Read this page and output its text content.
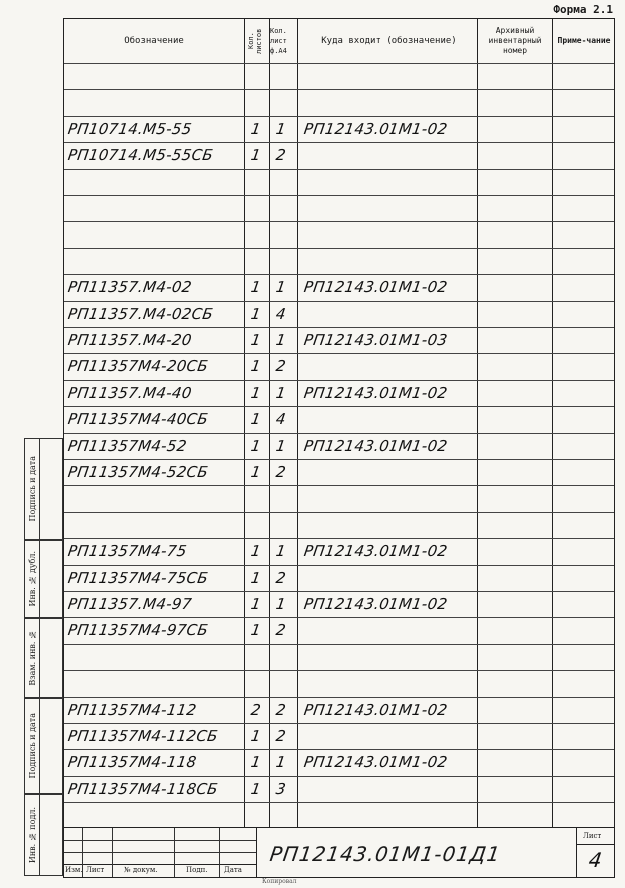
Форма 2.1
Обозначение	Кол. листов	Кол. лист ф.А4
Куда входит (обозначение)
Архивный инвентарный номер
Приме-чание
РП10714.М5-55	1 1 РП12143.01М1-02
РП10714.М5-55СБ 1 2
РП11357.М4-02	1 1 РП12143.01М1-02
РП11357.М4-02СБ 1 4
РП11357.М4-20	1 1 РП12143.01М1-03
РП11357М4-20СБ	1 2
РП11357.М4-40	1 1 РП12143.01М1-02
РП11357М4-40СБ	1 4
РП11357М4-52	1 1 РП12143.01М1-02
РП11357М4-52СБ	1 2
РП11357М4-75	1 1 РП12143.01М1-02
РП11357М4-75СБ	1 2
РП11357.М4-97	1 1 РП12143.01М1-02
РП11357М4-97СБ	1 2
РП11357М4-112	2 2 РП12143.01М1-02
РП11357М4-112СБ 1 2
РП11357М4-118	1 1 РП12143.01М1-02
РП11357М4-118СБ 1 3
Изм. Лист	№ докум.	Подп. Дата
Лист
4
РП12143.01М1-01Д1
Копировал
Подпись и дата
Инв. № дубл.
Взам. инв. №
Подпись и дата
Инв. № подл.
